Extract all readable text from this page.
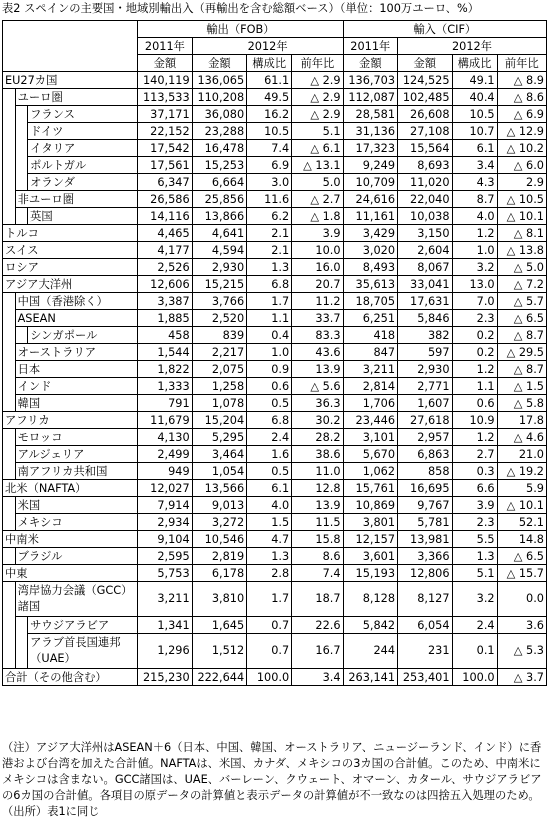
表2 スペインの主要国・地域別輸出入（再輸出を含む総額ベース）（単位：100万ユーロ、%）
			輸出（FOB）				輸入（CIF）			
			2011年	2012年			2011年	2012年		
			金額	金額	構成比	前年比	金額	金額	構成比	前年比
EU27カ国			140,119	136,065	61.1	△ 2.9	136,703	124,525	49.1	△ 8.9
	ユーロ圏		113,533	110,208	49.5	△ 2.9	112,087	102,485	40.4	△ 8.6
		フランス	37,171	36,080	16.2	△ 2.9	28,581	26,608	10.5	△ 6.9
		ドイツ	22,152	23,288	10.5	5.1	31,136	27,108	10.7	△ 12.9
		イタリア	17,542	16,478	7.4	△ 6.1	17,323	15,564	6.1	△ 10.2
		ポルトガル	17,561	15,253	6.9	△ 13.1	9,249	8,693	3.4	△ 6.0
		オランダ	6,347	6,664	3.0	5.0	10,709	11,020	4.3	2.9
	非ユーロ圏		26,586	25,856	11.6	△ 2.7	24,616	22,040	8.7	△ 10.5
		英国	14,116	13,866	6.2	△ 1.8	11,161	10,038	4.0	△ 10.1
トルコ			4,465	4,641	2.1	3.9	3,429	3,150	1.2	△ 8.1
スイス			4,177	4,594	2.1	10.0	3,020	2,604	1.0	△ 13.8
ロシア			2,526	2,930	1.3	16.0	8,493	8,067	3.2	△ 5.0
アジア大洋州			12,606	15,215	6.8	20.7	35,613	33,041	13.0	△ 7.2
	中国（香港除く）		3,387	3,766	1.7	11.2	18,705	17,631	7.0	△ 5.7
	ASEAN		1,885	2,520	1.1	33.7	6,251	5,846	2.3	△ 6.5
		シンガポール	458	839	0.4	83.3	418	382	0.2	△ 8.7
	オーストラリア		1,544	2,217	1.0	43.6	847	597	0.2	△ 29.5
	日本		1,822	2,075	0.9	13.9	3,211	2,930	1.2	△ 8.7
	インド		1,333	1,258	0.6	△ 5.6	2,814	2,771	1.1	△ 1.5
	韓国		791	1,078	0.5	36.3	1,706	1,607	0.6	△ 5.8
アフリカ			11,679	15,204	6.8	30.2	23,446	27,618	10.9	17.8
	モロッコ		4,130	5,295	2.4	28.2	3,101	2,957	1.2	△ 4.6
	アルジェリア		2,499	3,464	1.6	38.6	5,670	6,863	2.7	21.0
	南アフリカ共和国		949	1,054	0.5	11.0	1,062	858	0.3	△ 19.2
北米（NAFTA）			12,027	13,566	6.1	12.8	15,761	16,695	6.6	5.9
	米国		7,914	9,013	4.0	13.9	10,869	9,767	3.9	△ 10.1
	メキシコ		2,934	3,272	1.5	11.5	3,801	5,781	2.3	52.1
中南米			9,104	10,546	4.7	15.8	12,157	13,981	5.5	14.8
	ブラジル		2,595	2,819	1.3	8.6	3,601	3,366	1.3	△ 6.5
中東			5,753	6,178	2.8	7.4	15,193	12,806	5.1	△ 15.7
	湾岸協力会議（GCC）諸国		3,211	3,810	1.7	18.7	8,128	8,127	3.2	0.0
		サウジアラビア	1,341	1,645	0.7	22.6	5,842	6,054	2.4	3.6
		アラブ首長国連邦（UAE）	1,296	1,512	0.7	16.7	244	231	0.1	△ 5.3
合計（その他含む）			215,230	222,644	100.0	3.4	263,141	253,401	100.0	△ 3.7
（注）アジア大洋州はASEAN＋6（日本、中国、韓国、オーストラリア、ニュージーランド、インド）に香港および台湾を加えた合計値。NAFTAは、米国、カナダ、メキシコの3カ国の合計値。このため、中南米にメキシコは含まない。GCC諸国は、UAE、バーレーン、クウェート、オマーン、カタール、サウジアラビアの6カ国の合計値。各項目の原データの計算値と表示データの計算値が不一致なのは四捨五入処理のため。
（出所）表1に同じ
